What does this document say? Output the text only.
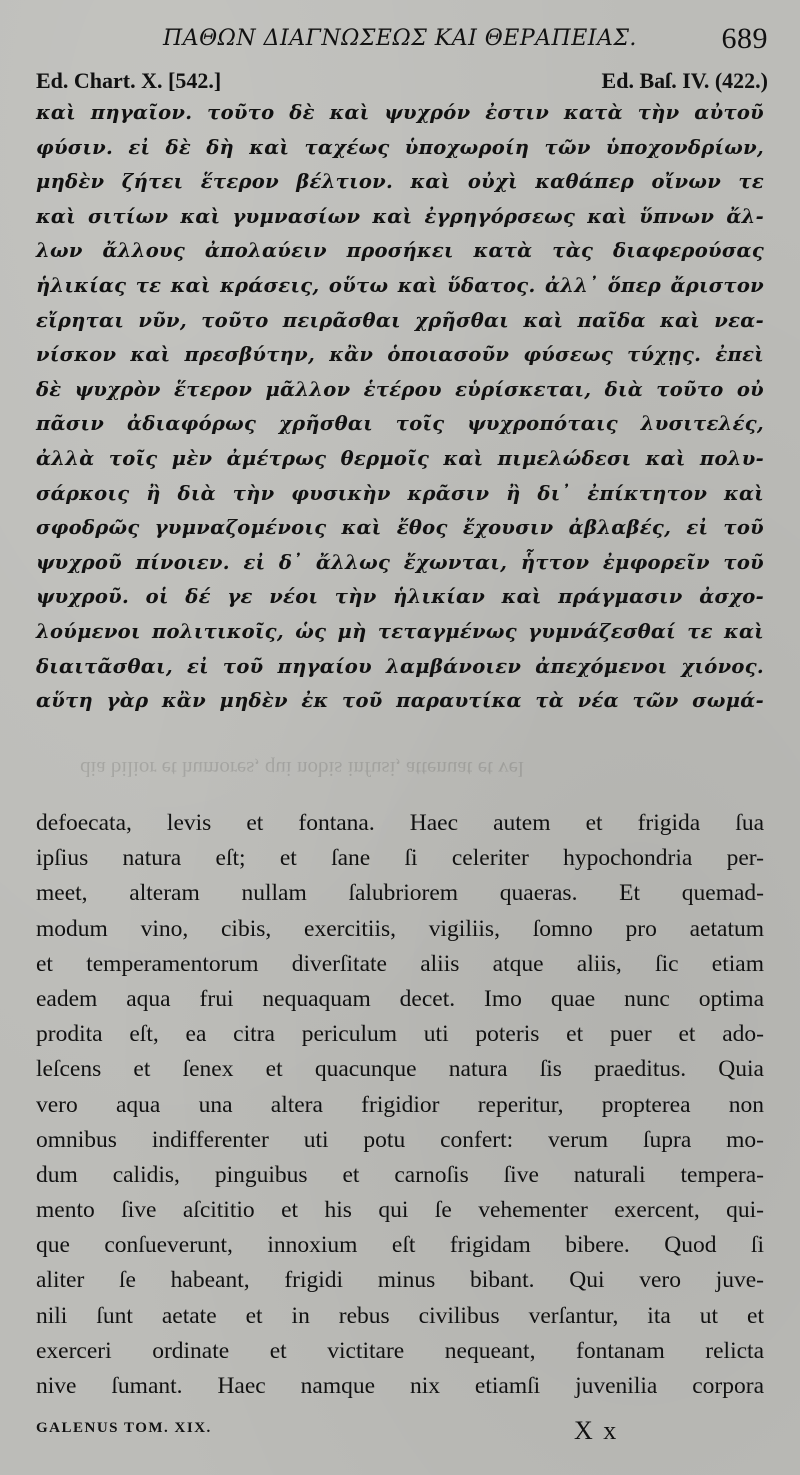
ΠΑΘΩΝ ΔΙΑΓΝΩΣΕΩΣ ΚΑΙ ΘΕΡΑΠΕΙΑΣ.	689
Ed. Chart. X. [542.]	Ed. Baſ. IV. (422.)
καὶ πηγαῖον. τοῦτο δὲ καὶ ψυχρόν ἐστιν κατὰ τὴν αὐτοῦ
φύσιν. εἰ δὲ δὴ καὶ ταχέως ὑποχωροίη τῶν ὑποχονδρίων,
μηδὲν ζήτει ἕτερον βέλτιον. καὶ οὐχὶ καθάπερ οἴνων τε
καὶ σιτίων καὶ γυμνασίων καὶ ἐγρηγόρσεως καὶ ὕπνων ἄλ-
λων ἄλλους ἀπολαύειν προσήκει κατὰ τὰς διαφερούσας
ἡλικίας τε καὶ κράσεις, οὕτω καὶ ὕδατος. ἀλλ᾽ ὅπερ ἄριστον
εἴρηται νῦν, τοῦτο πειρᾶσθαι χρῆσθαι καὶ παῖδα καὶ νεα-
νίσκον καὶ πρεσβύτην, κἂν ὁποιασοῦν φύσεως τύχῃς. ἐπεὶ
δὲ ψυχρὸν ἕτερον μᾶλλον ἑτέρου εὑρίσκεται, διὰ τοῦτο οὐ
πᾶσιν ἀδιαφόρως χρῆσθαι τοῖς ψυχροπόταις λυσιτελές,
ἀλλὰ τοῖς μὲν ἀμέτρως θερμοῖς καὶ πιμελώδεσι καὶ πολυ-
σάρκοις ἢ διὰ τὴν φυσικὴν κρᾶσιν ἢ δι᾽ ἐπίκτητον καὶ
σφοδρῶς γυμναζομένοις καὶ ἔθος ἔχουσιν ἀβλαβές, εἰ τοῦ
ψυχροῦ πίνοιεν. εἰ δ᾽ ἄλλως ἔχωνται, ἧττον ἐμφορεῖν τοῦ
ψυχροῦ. οἱ δέ γε νέοι τὴν ἡλικίαν καὶ πράγμασιν ἀσχο-
λούμενοι πολιτικοῖς, ὡς μὴ τεταγμένως γυμνάζεσθαί τε καὶ
διαιτᾶσθαι, εἰ τοῦ πηγαίου λαμβάνοιεν ἀπεχόμενοι χιόνος.
αὕτη γὰρ κἂν μηδὲν ἐκ τοῦ παραυτίκα τὰ νέα τῶν σωμά-
dia bilior et humores, qui nobis infusi, attenuat et vel
defoecata, levis et fontana. Haec autem et frigida ſua
ipſius natura eſt; et ſane ſi celeriter hypochondria per-
meet, alteram nullam ſalubriorem quaeras. Et quemad-
modum vino, cibis, exercitiis, vigiliis, ſomno pro aetatum
et temperamentorum diverſitate aliis atque aliis, ſic etiam
eadem aqua frui nequaquam decet. Imo quae nunc optima
prodita eſt, ea citra periculum uti poteris et puer et ado-
leſcens et ſenex et quacunque natura ſis praeditus. Quia
vero aqua una altera frigidior reperitur, propterea non
omnibus indifferenter uti potu confert: verum ſupra mo-
dum calidis, pinguibus et carnoſis ſive naturali tempera-
mento ſive aſcititio et his qui ſe vehementer exercent, qui-
que conſueverunt, innoxium eſt frigidam bibere. Quod ſi
aliter ſe habeant, frigidi minus bibant. Qui vero juve-
nili ſunt aetate et in rebus civilibus verſantur, ita ut et
exerceri ordinate et victitare nequeant, fontanam relicta
nive ſumant. Haec namque nix etiamſi juvenilia corpora
GALENUS TOM. XIX.	X x
